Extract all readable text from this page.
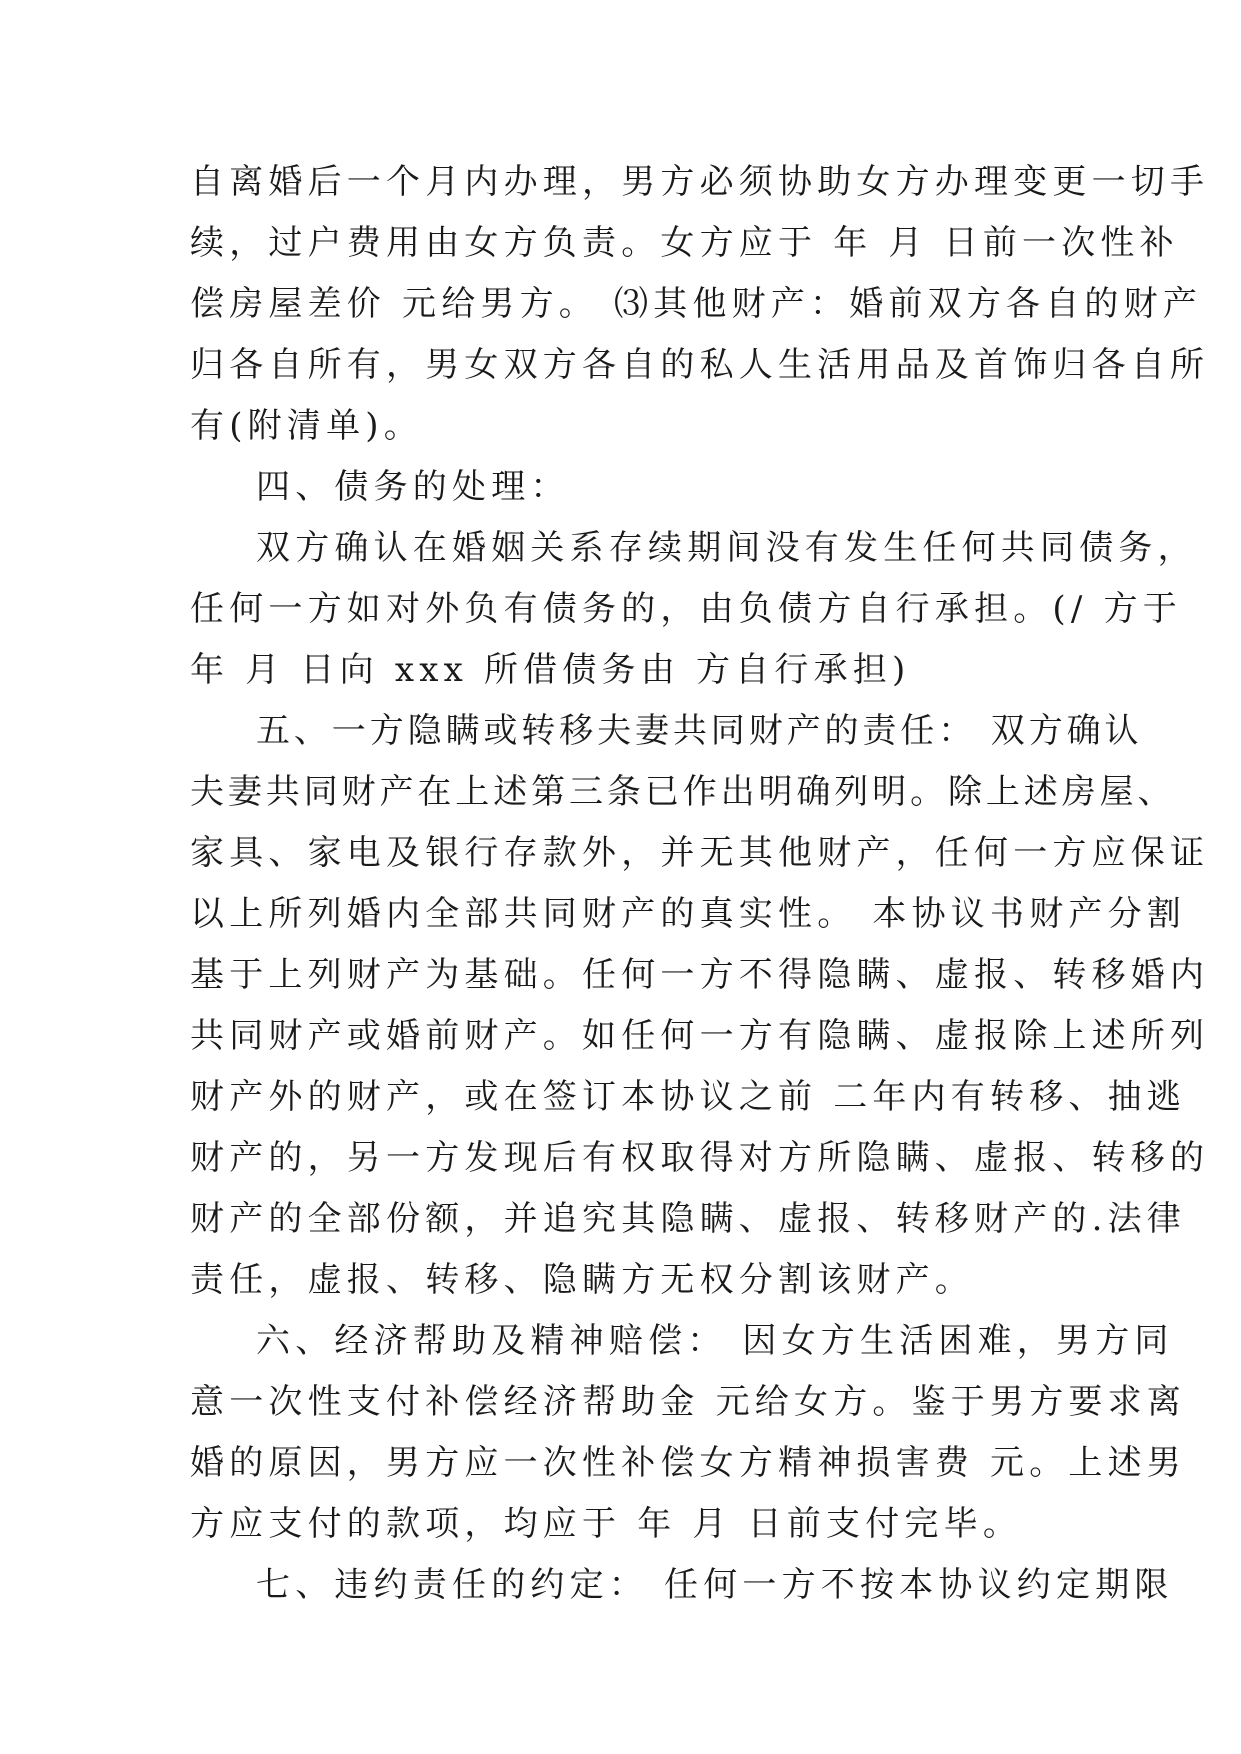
自离婚后一个月内办理，男方必须协助女方办理变更一切手
续，过户费用由女方负责。女方应于 年 月 日前一次性补
偿房屋差价 元给男方。 ⑶其他财产：婚前双方各自的财产
归各自所有，男女双方各自的私人生活用品及首饰归各自所
有(附清单)。
四、债务的处理：
双方确认在婚姻关系存续期间没有发生任何共同债务，
任何一方如对外负有债务的，由负债方自行承担。(/ 方于
年 月 日向 xxx 所借债务由 方自行承担)
五、一方隐瞒或转移夫妻共同财产的责任： 双方确认
夫妻共同财产在上述第三条已作出明确列明。除上述房屋、
家具、家电及银行存款外，并无其他财产，任何一方应保证
以上所列婚内全部共同财产的真实性。 本协议书财产分割
基于上列财产为基础。任何一方不得隐瞒、虚报、转移婚内
共同财产或婚前财产。如任何一方有隐瞒、虚报除上述所列
财产外的财产，或在签订本协议之前 二年内有转移、抽逃
财产的，另一方发现后有权取得对方所隐瞒、虚报、转移的
财产的全部份额，并追究其隐瞒、虚报、转移财产的.法律
责任，虚报、转移、隐瞒方无权分割该财产。
六、经济帮助及精神赔偿： 因女方生活困难，男方同
意一次性支付补偿经济帮助金 元给女方。鉴于男方要求离
婚的原因，男方应一次性补偿女方精神损害费 元。上述男
方应支付的款项，均应于 年 月 日前支付完毕。
七、违约责任的约定： 任何一方不按本协议约定期限
